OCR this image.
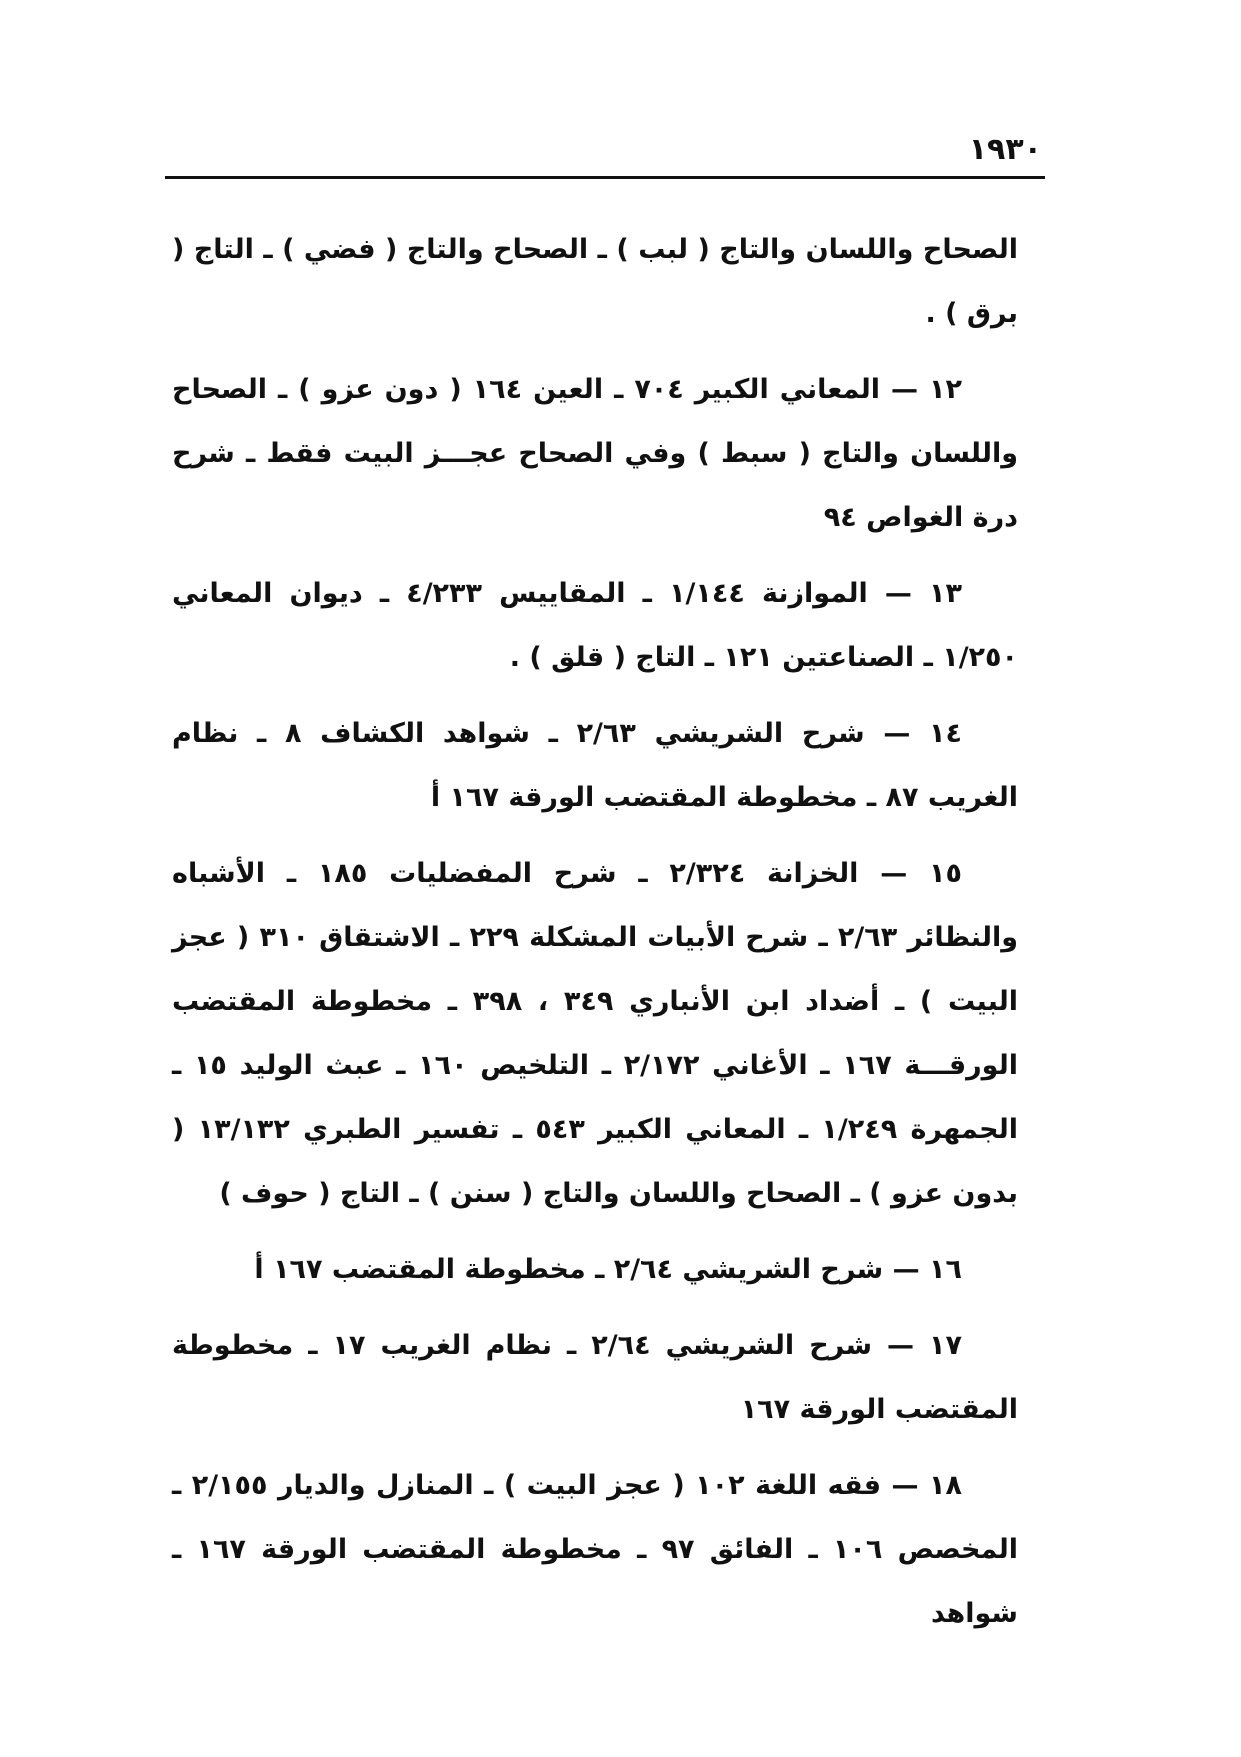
١٩٣٠

الصحاح واللسان والتاج ( لبب ) ـ الصحاح والتاج ( فضي ) ـ التاج ( برق ) .

١٢ — المعاني الكبير ٧٠٤ ـ العين ١٦٤ ( دون عزو ) ـ الصحاح واللسان والتاج ( سبط ) وفي الصحاح عجـــز البيت فقط ـ شرح درة الغواص ٩٤

١٣ — الموازنة ١/١٤٤ ـ المقاييس ٤/٢٣٣ ـ ديوان المعاني ١/٢٥٠ ـ الصناعتين ١٢١ ـ التاج ( قلق ) .

١٤ — شرح الشريشي ٢/٦٣ ـ شواهد الكشاف ٨ ـ نظام الغريب ٨٧ ـ مخطوطة المقتضب الورقة ١٦٧ أ

١٥ — الخزانة ٢/٣٢٤ ـ شرح المفضليات ١٨٥ ـ الأشباه والنظائر ٢/٦٣ ـ شرح الأبيات المشكلة ٢٢٩ ـ الاشتقاق ٣١٠ ( عجز البيت ) ـ أضداد ابن الأنباري ٣٤٩ ، ٣٩٨ ـ مخطوطة المقتضب الورقـــة ١٦٧ ـ الأغاني ٢/١٧٢ ـ التلخيص ١٦٠ ـ عبث الوليد ١٥ ـ الجمهرة ١/٢٤٩ ـ المعاني الكبير ٥٤٣ ـ تفسير الطبري ١٣/١٣٢ ( بدون عزو ) ـ الصحاح واللسان والتاج ( سنن ) ـ التاج ( حوف )

١٦ — شرح الشريشي ٢/٦٤ ـ مخطوطة المقتضب ١٦٧ أ

١٧ — شرح الشريشي ٢/٦٤ ـ نظام الغريب ١٧ ـ مخطوطة المقتضب الورقة ١٦٧

١٨ — فقه اللغة ١٠٢ ( عجز البيت ) ـ المنازل والديار ٢/١٥٥ ـ المخصص ١٠٦ ـ الفائق ٩٧ ـ مخطوطة المقتضب الورقة ١٦٧ ـ شواهد
